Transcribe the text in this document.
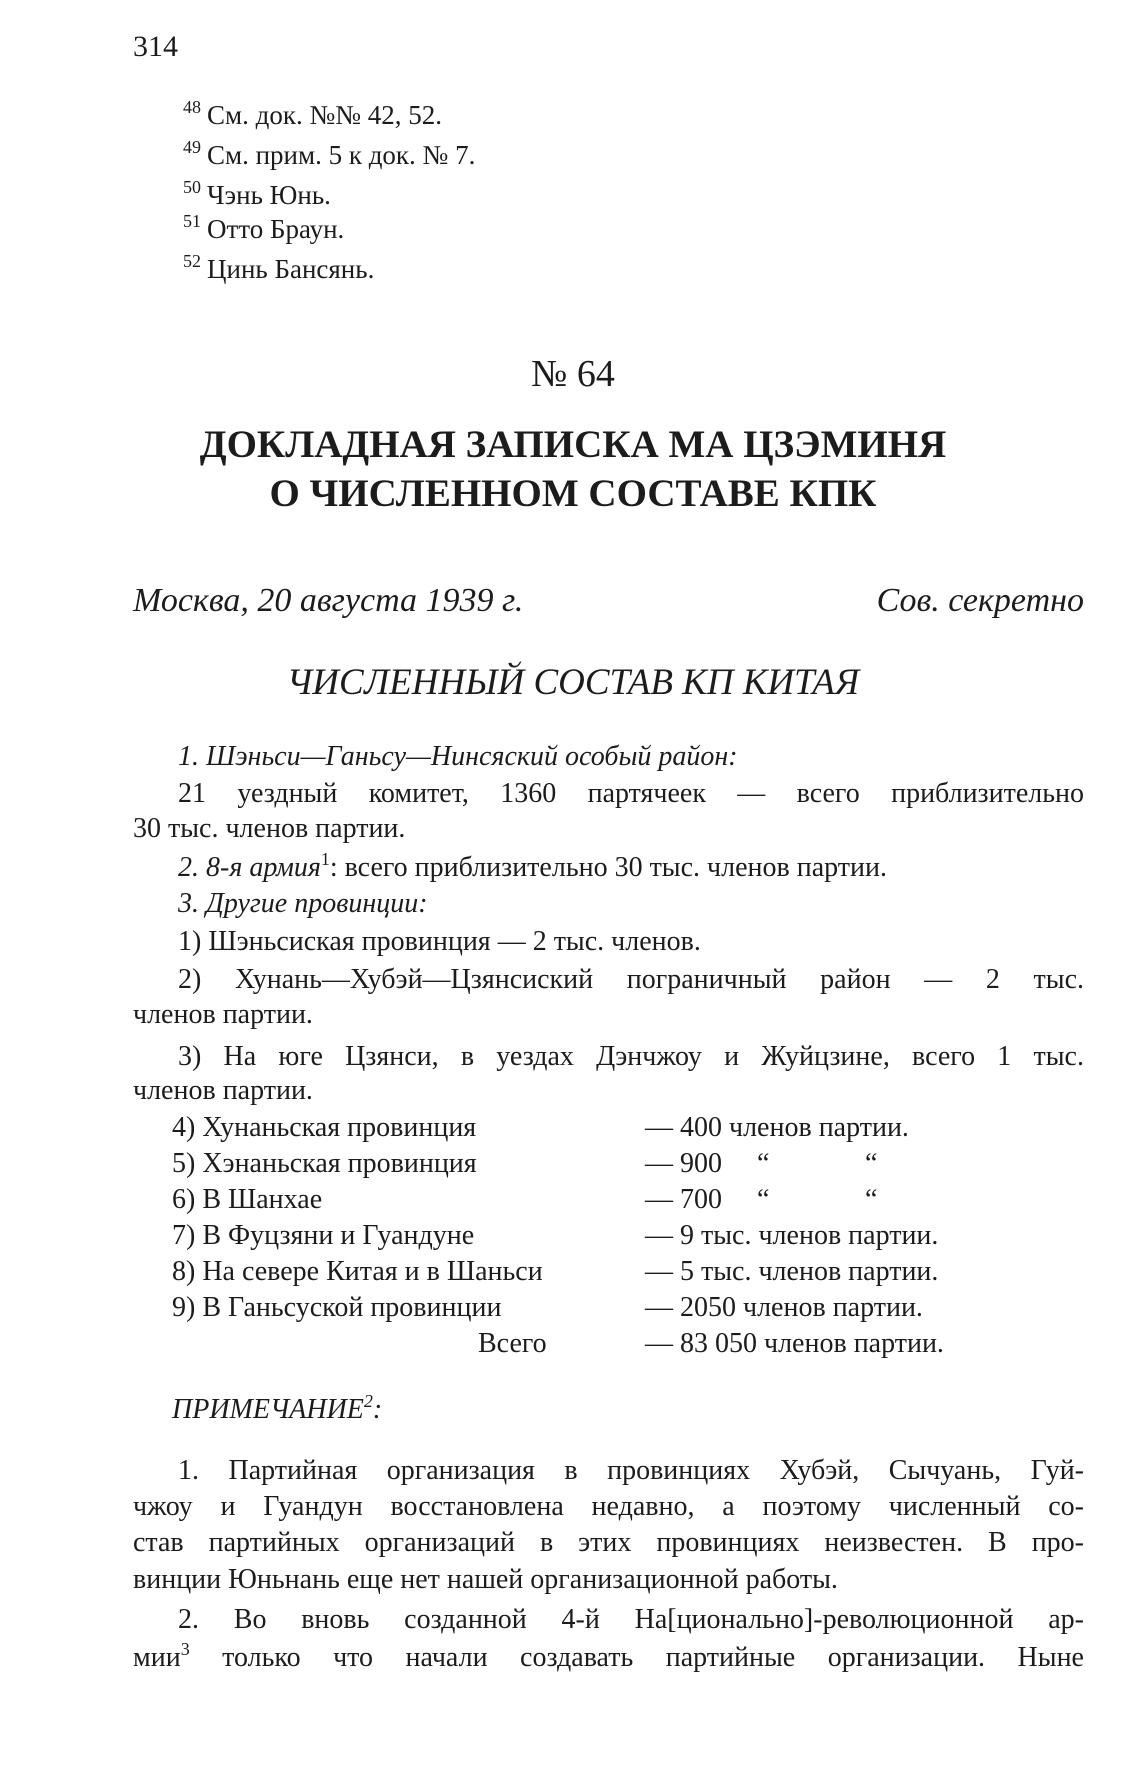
314
$^{48}$ См. док. №№ 42, 52.
$^{49}$ См. прим. 5 к док. № 7.
$^{50}$ Чэнь Юнь.
$^{51}$ Отто Браун.
$^{52}$ Цинь Бансянь.
№ 64
ДОКЛАДНАЯ ЗАПИСКА МА ЦЗЭМИНЯ
О ЧИСЛЕННОМ СОСТАВЕ КПК
Москва, 20 августа 1939 г.	Сов. секретно
ЧИСЛЕННЫЙ СОСТАВ КП КИТАЯ
1. Шэньси—Ганьсу—Нинсяский особый район:
21 уездный комитет, 1360 партячеек — всего приблизительно
30 тыс. членов партии.
2. 8-я армия$^1$: всего приблизительно 30 тыс. членов партии.
3. Другие провинции:
1) Шэньсиская провинция — 2 тыс. членов.
2) Хунань—Хубэй—Цзянсиский пограничный район — 2 тыс.
членов партии.
3) На юге Цзянси, в уездах Дэнчжоу и Жуйцзине, всего 1 тыс.
членов партии.
4) Хунаньская провинция	— 400 членов партии.
5) Хэнаньская провинция	— 900 “	“
6) В Шанхае	— 700 “	“
7) В Фуцзяни и Гуандуне	— 9 тыс. членов партии.
8) На севере Китая и в Шаньси	— 5 тыс. членов партии.
9) В Ганьсуской провинции	— 2050 членов партии.
Всего	— 83 050 членов партии.
ПРИМЕЧАНИЕ$^2$:
1. Партийная организация в провинциях Хубэй, Сычуань, Гуй-
чжоу и Гуандун восстановлена недавно, а поэтому численный со-
став партийных организаций в этих провинциях неизвестен. В про-
винции Юньнань еще нет нашей организационной работы.
2. Во вновь созданной 4-й На[ционально]-революционной ар-
мии$^3$ только что начали создавать партийные организации. Ныне
